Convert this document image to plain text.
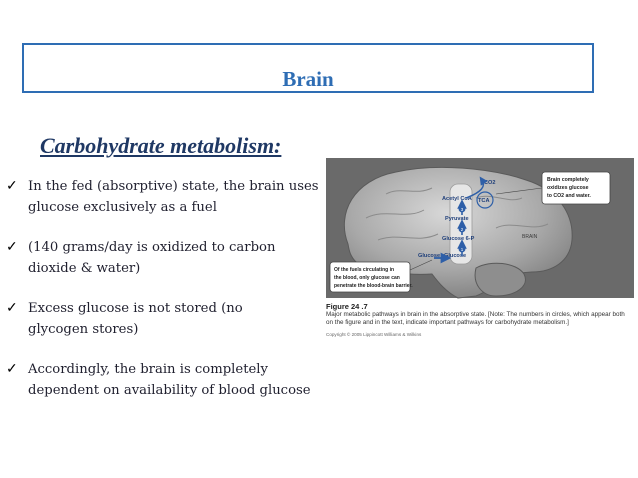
Brain
Carbohydrate metabolism:
✓ In the fed (absorptive) state, the brain uses
glucose exclusively as a fuel
✓ (140 grams/day is oxidized to carbon
dioxide & water)
✓ Excess glucose is not stored (no
glycogen stores)
✓ Accordingly, the brain is completely
dependent on availability of blood glucose
CO2
Acetyl CoA TCA
Pyruvate
Glucose 6-P
Glucose
Glucose
BRAIN
1
2
3
Brain completely
oxidizes glucose
to CO2 and water.
Of the fuels circulating in
the blood, only glucose can
penetrate the blood-brain barrier.
Figure 24 .7
Major metabolic pathways in brain in the absorptive state. [Note: The numbers in circles, which appear both on the figure and in the text, indicate important pathways for carbohydrate metabolism.]
Copyright © 2005 Lippincott Williams & Wilkins
